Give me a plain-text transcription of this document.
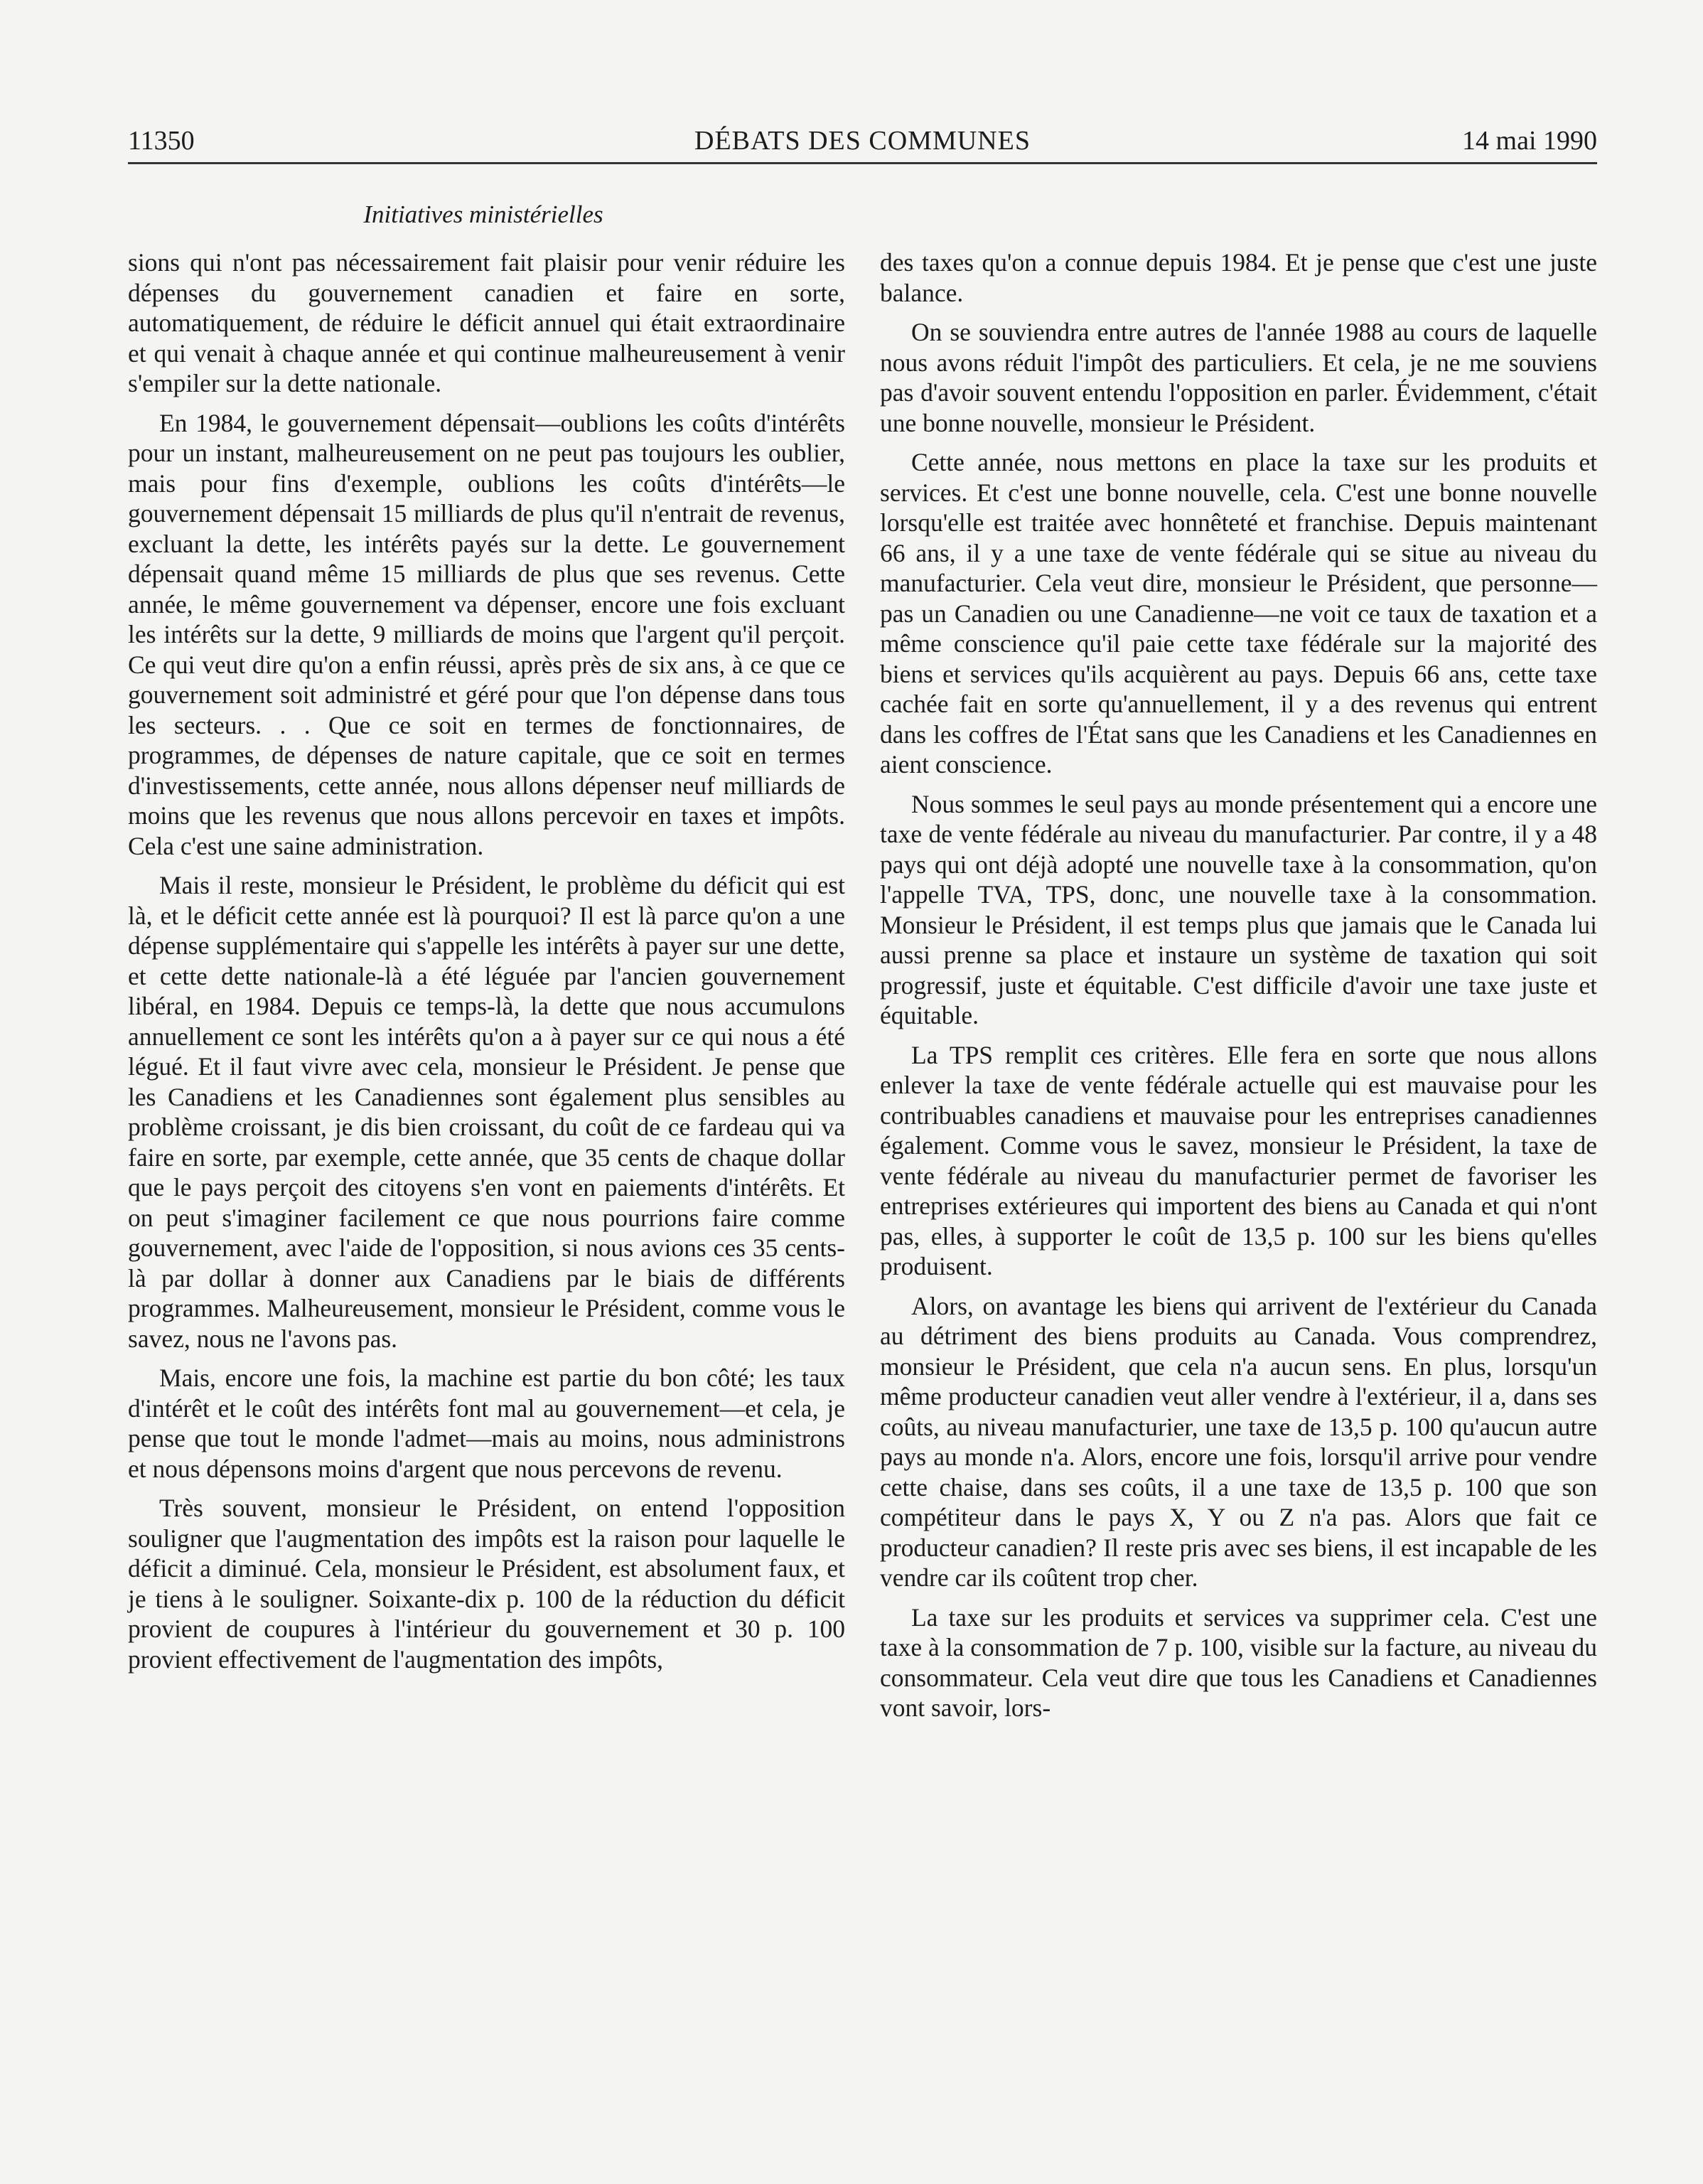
11350	DÉBATS DES COMMUNES	14 mai 1990
Initiatives ministérielles

sions qui n'ont pas nécessairement fait plaisir pour venir réduire les dépenses du gouvernement canadien et faire en sorte, automatiquement, de réduire le déficit annuel qui était extraordinaire et qui venait à chaque année et qui continue malheureusement à venir s'empiler sur la dette nationale.

En 1984, le gouvernement dépensait—oublions les coûts d'intérêts pour un instant, malheureusement on ne peut pas toujours les oublier, mais pour fins d'exemple, oublions les coûts d'intérêts—le gouvernement dépensait 15 milliards de plus qu'il n'entrait de revenus, excluant la dette, les intérêts payés sur la dette. Le gouvernement dépensait quand même 15 milliards de plus que ses revenus. Cette année, le même gouvernement va dépenser, encore une fois excluant les intérêts sur la dette, 9 milliards de moins que l'argent qu'il perçoit. Ce qui veut dire qu'on a enfin réussi, après près de six ans, à ce que ce gouvernement soit administré et géré pour que l'on dépense dans tous les secteurs. . . Que ce soit en termes de fonctionnaires, de programmes, de dépenses de nature capitale, que ce soit en termes d'investissements, cette année, nous allons dépenser neuf milliards de moins que les revenus que nous allons percevoir en taxes et impôts. Cela c'est une saine administration.

Mais il reste, monsieur le Président, le problème du déficit qui est là, et le déficit cette année est là pourquoi? Il est là parce qu'on a une dépense supplémentaire qui s'appelle les intérêts à payer sur une dette, et cette dette nationale-là a été léguée par l'ancien gouvernement libéral, en 1984. Depuis ce temps-là, la dette que nous accumulons annuellement ce sont les intérêts qu'on a à payer sur ce qui nous a été légué. Et il faut vivre avec cela, monsieur le Président. Je pense que les Canadiens et les Canadiennes sont également plus sensibles au problème croissant, je dis bien croissant, du coût de ce fardeau qui va faire en sorte, par exemple, cette année, que 35 cents de chaque dollar que le pays perçoit des citoyens s'en vont en paiements d'intérêts. Et on peut s'imaginer facilement ce que nous pourrions faire comme gouvernement, avec l'aide de l'opposition, si nous avions ces 35 cents-là par dollar à donner aux Canadiens par le biais de différents programmes. Malheureusement, monsieur le Président, comme vous le savez, nous ne l'avons pas.

Mais, encore une fois, la machine est partie du bon côté; les taux d'intérêt et le coût des intérêts font mal au gouvernement—et cela, je pense que tout le monde l'admet—mais au moins, nous administrons et nous dépensons moins d'argent que nous percevons de revenu.

Très souvent, monsieur le Président, on entend l'opposition souligner que l'augmentation des impôts est la raison pour laquelle le déficit a diminué. Cela, monsieur le Président, est absolument faux, et je tiens à le souligner. Soixante-dix p. 100 de la réduction du déficit provient de coupures à l'intérieur du gouvernement et 30 p. 100 provient effectivement de l'augmentation des impôts,

des taxes qu'on a connue depuis 1984. Et je pense que c'est une juste balance.

On se souviendra entre autres de l'année 1988 au cours de laquelle nous avons réduit l'impôt des particuliers. Et cela, je ne me souviens pas d'avoir souvent entendu l'opposition en parler. Évidemment, c'était une bonne nouvelle, monsieur le Président.

Cette année, nous mettons en place la taxe sur les produits et services. Et c'est une bonne nouvelle, cela. C'est une bonne nouvelle lorsqu'elle est traitée avec honnêteté et franchise. Depuis maintenant 66 ans, il y a une taxe de vente fédérale qui se situe au niveau du manufacturier. Cela veut dire, monsieur le Président, que personne—pas un Canadien ou une Canadienne—ne voit ce taux de taxation et a même conscience qu'il paie cette taxe fédérale sur la majorité des biens et services qu'ils acquièrent au pays. Depuis 66 ans, cette taxe cachée fait en sorte qu'annuellement, il y a des revenus qui entrent dans les coffres de l'État sans que les Canadiens et les Canadiennes en aient conscience.

Nous sommes le seul pays au monde présentement qui a encore une taxe de vente fédérale au niveau du manufacturier. Par contre, il y a 48 pays qui ont déjà adopté une nouvelle taxe à la consommation, qu'on l'appelle TVA, TPS, donc, une nouvelle taxe à la consommation. Monsieur le Président, il est temps plus que jamais que le Canada lui aussi prenne sa place et instaure un système de taxation qui soit progressif, juste et équitable. C'est difficile d'avoir une taxe juste et équitable.

La TPS remplit ces critères. Elle fera en sorte que nous allons enlever la taxe de vente fédérale actuelle qui est mauvaise pour les contribuables canadiens et mauvaise pour les entreprises canadiennes également. Comme vous le savez, monsieur le Président, la taxe de vente fédérale au niveau du manufacturier permet de favoriser les entreprises extérieures qui importent des biens au Canada et qui n'ont pas, elles, à supporter le coût de 13,5 p. 100 sur les biens qu'elles produisent.

Alors, on avantage les biens qui arrivent de l'extérieur du Canada au détriment des biens produits au Canada. Vous comprendrez, monsieur le Président, que cela n'a aucun sens. En plus, lorsqu'un même producteur canadien veut aller vendre à l'extérieur, il a, dans ses coûts, au niveau manufacturier, une taxe de 13,5 p. 100 qu'aucun autre pays au monde n'a. Alors, encore une fois, lorsqu'il arrive pour vendre cette chaise, dans ses coûts, il a une taxe de 13,5 p. 100 que son compétiteur dans le pays X, Y ou Z n'a pas. Alors que fait ce producteur canadien? Il reste pris avec ses biens, il est incapable de les vendre car ils coûtent trop cher.

La taxe sur les produits et services va supprimer cela. C'est une taxe à la consommation de 7 p. 100, visible sur la facture, au niveau du consommateur. Cela veut dire que tous les Canadiens et Canadiennes vont savoir, lors-
